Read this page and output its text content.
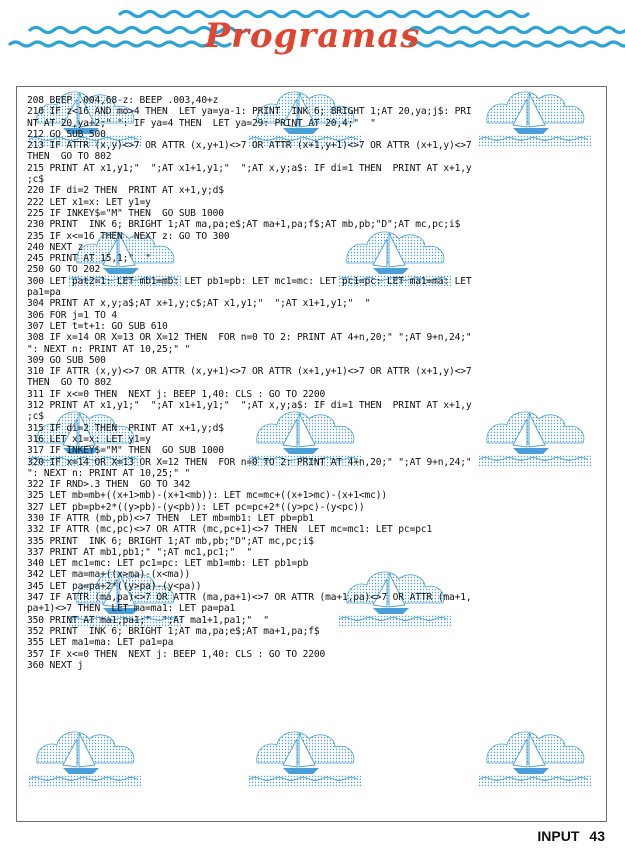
Programas
208 BEEP .004,68-z: BEEP .003,40+z
210 IF z<16 AND mo>4 THEN  LET ya=ya-1: PRINT  INK 6; BRIGHT 1;AT 20,ya;j$: PRI
NT AT 20,ya+2;" ": IF ya=4 THEN  LET ya=29: PRINT AT 20,4;"  "
212 GO SUB 500
213 IF ATTR (x,y)<>7 OR ATTR (x,y+1)<>7 OR ATTR (x+1,y+1)<>7 OR ATTR (x+1,y)<>7
THEN  GO TO 802
215 PRINT AT x1,y1;"  ";AT x1+1,y1;"  ";AT x,y;a$: IF di=1 THEN  PRINT AT x+1,y
;c$
220 IF di=2 THEN  PRINT AT x+1,y;d$
222 LET x1=x: LET y1=y
225 IF INKEY$="M" THEN  GO SUB 1000
230 PRINT  INK 6; BRIGHT 1;AT ma,pa;e$;AT ma+1,pa;f$;AT mb,pb;"D";AT mc,pc;i$
235 IF x<=16 THEN  NEXT z: GO TO 300
240 NEXT z
245 PRINT AT 15,1;"  "
250 GO TO 202
300 LET pat2=1: LET mb1=mb: LET pb1=pb: LET mc1=mc: LET pc1=pc: LET ma1=ma: LET
pa1=pa
304 PRINT AT x,y;a$;AT x+1,y;c$;AT x1,y1;"  ";AT x1+1,y1;"  "
306 FOR j=1 TO 4
307 LET t=t+1: GO SUB 610
308 IF x=14 OR X=13 OR X=12 THEN  FOR n=0 TO 2: PRINT AT 4+n,20;" ";AT 9+n,24;"
": NEXT n: PRINT AT 10,25;" "
309 GO SUB 500
310 IF ATTR (x,y)<>7 OR ATTR (x,y+1)<>7 OR ATTR (x+1,y+1)<>7 OR ATTR (x+1,y)<>7
THEN  GO TO 802
311 IF x<=0 THEN  NEXT j: BEEP 1,40: CLS : GO TO 2200
312 PRINT AT x1,y1;"  ";AT x1+1,y1;"  ";AT x,y;a$: IF di=1 THEN  PRINT AT x+1,y
;c$
315 IF di=2 THEN  PRINT AT x+1,y;d$
316 LET x1=x: LET y1=y
317 IF INKEY$="M" THEN  GO SUB 1000
320 IF x=14 OR X=13 OR X=12 THEN  FOR n=0 TO 2: PRINT AT 4+n,20;" ";AT 9+n,24;"
": NEXT n: PRINT AT 10,25;" "
322 IF RND>.3 THEN  GO TO 342
325 LET mb=mb+((x+1>mb)-(x+1<mb)): LET mc=mc+((x+1>mc)-(x+1<mc))
327 LET pb=pb+2*((y>pb)-(y<pb)): LET pc=pc+2*((y>pc)-(y<pc))
330 IF ATTR (mb,pb)<>7 THEN  LET mb=mb1: LET pb=pb1
332 IF ATTR (mc,pc)<>7 OR ATTR (mc,pc+1)<>7 THEN  LET mc=mc1: LET pc=pc1
335 PRINT  INK 6; BRIGHT 1;AT mb,pb;"D";AT mc,pc;i$
337 PRINT AT mb1,pb1;" ";AT mc1,pc1;"  "
340 LET mc1=mc: LET pc1=pc: LET mb1=mb: LET pb1=pb
342 LET ma=ma+((x>ma)-(x<ma))
345 LET pa=pa+2*((y>pa)-(y<pa))
347 IF ATTR (ma,pa)<>7 OR ATTR (ma,pa+1)<>7 OR ATTR (ma+1,pa)<>7 OR ATTR (ma+1,
pa+1)<>7 THEN  LET ma=ma1: LET pa=pa1
350 PRINT AT ma1,pa1;"  ";AT ma1+1,pa1;"  "
352 PRINT  INK 6; BRIGHT 1;AT ma,pa;e$;AT ma+1,pa;f$
355 LET ma1=ma: LET pa1=pa
357 IF x<=0 THEN  NEXT j: BEEP 1,40: CLS : GO TO 2200
360 NEXT j
INPUT 43
